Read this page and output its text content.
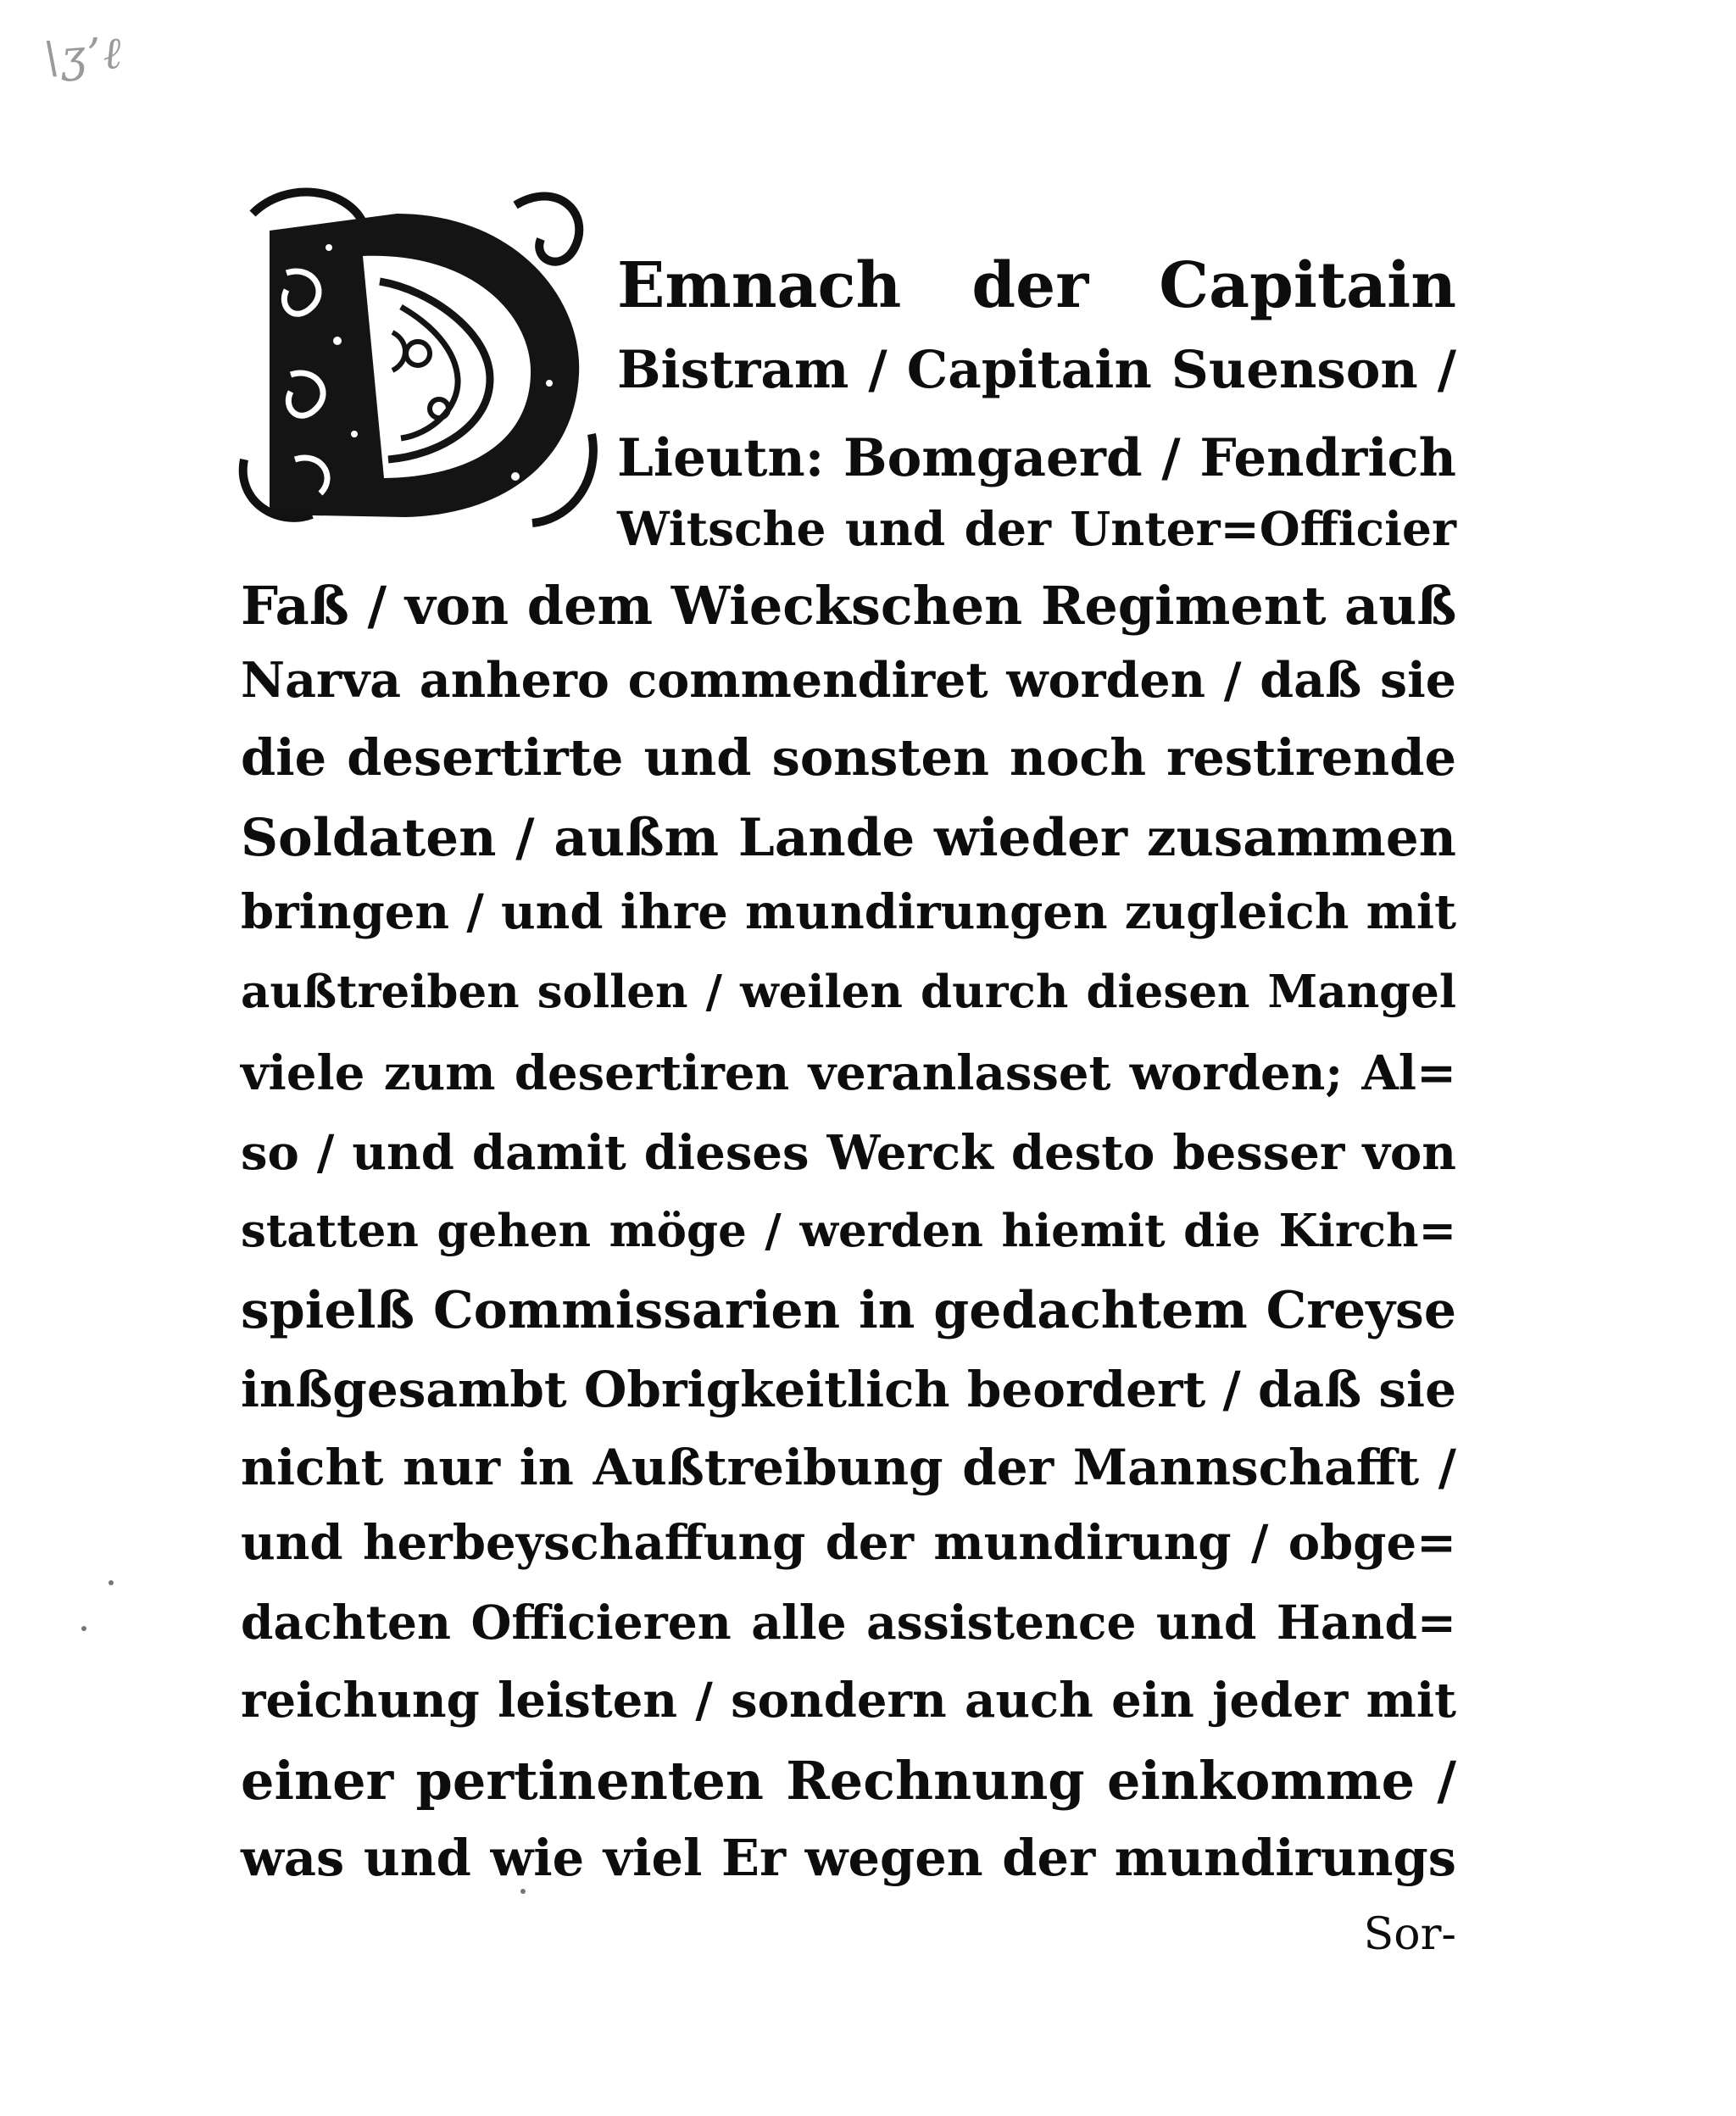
\ʒ’ℓ
Emnach der Capitain
Bistram / Capitain Suenson /
Lieutn: Bomgaerd / Fendrich
Witsche und der Unter=Officier
Faß / von dem Wieckschen Regiment auß
Narva anhero commendiret worden / daß sie
die desertirte und sonsten noch restirende
Soldaten / außm Lande wieder zusammen
bringen / und ihre mundirungen zugleich mit
außtreiben sollen / weilen durch diesen Mangel
viele zum desertiren veranlasset worden; Al=
so / und damit dieses Werck desto besser von
statten gehen möge / werden hiemit die Kirch=
spielß Commissarien in gedachtem Creyse
inßgesambt Obrigkeitlich beordert / daß sie
nicht nur in Außtreibung der Mannschafft /
und herbeyschaffung der mundirung / obge=
dachten Officieren alle assistence und Hand=
reichung leisten / sondern auch ein jeder mit
einer pertinenten Rechnung einkomme /
was und wie viel Er wegen der mundirungs
Sor-
